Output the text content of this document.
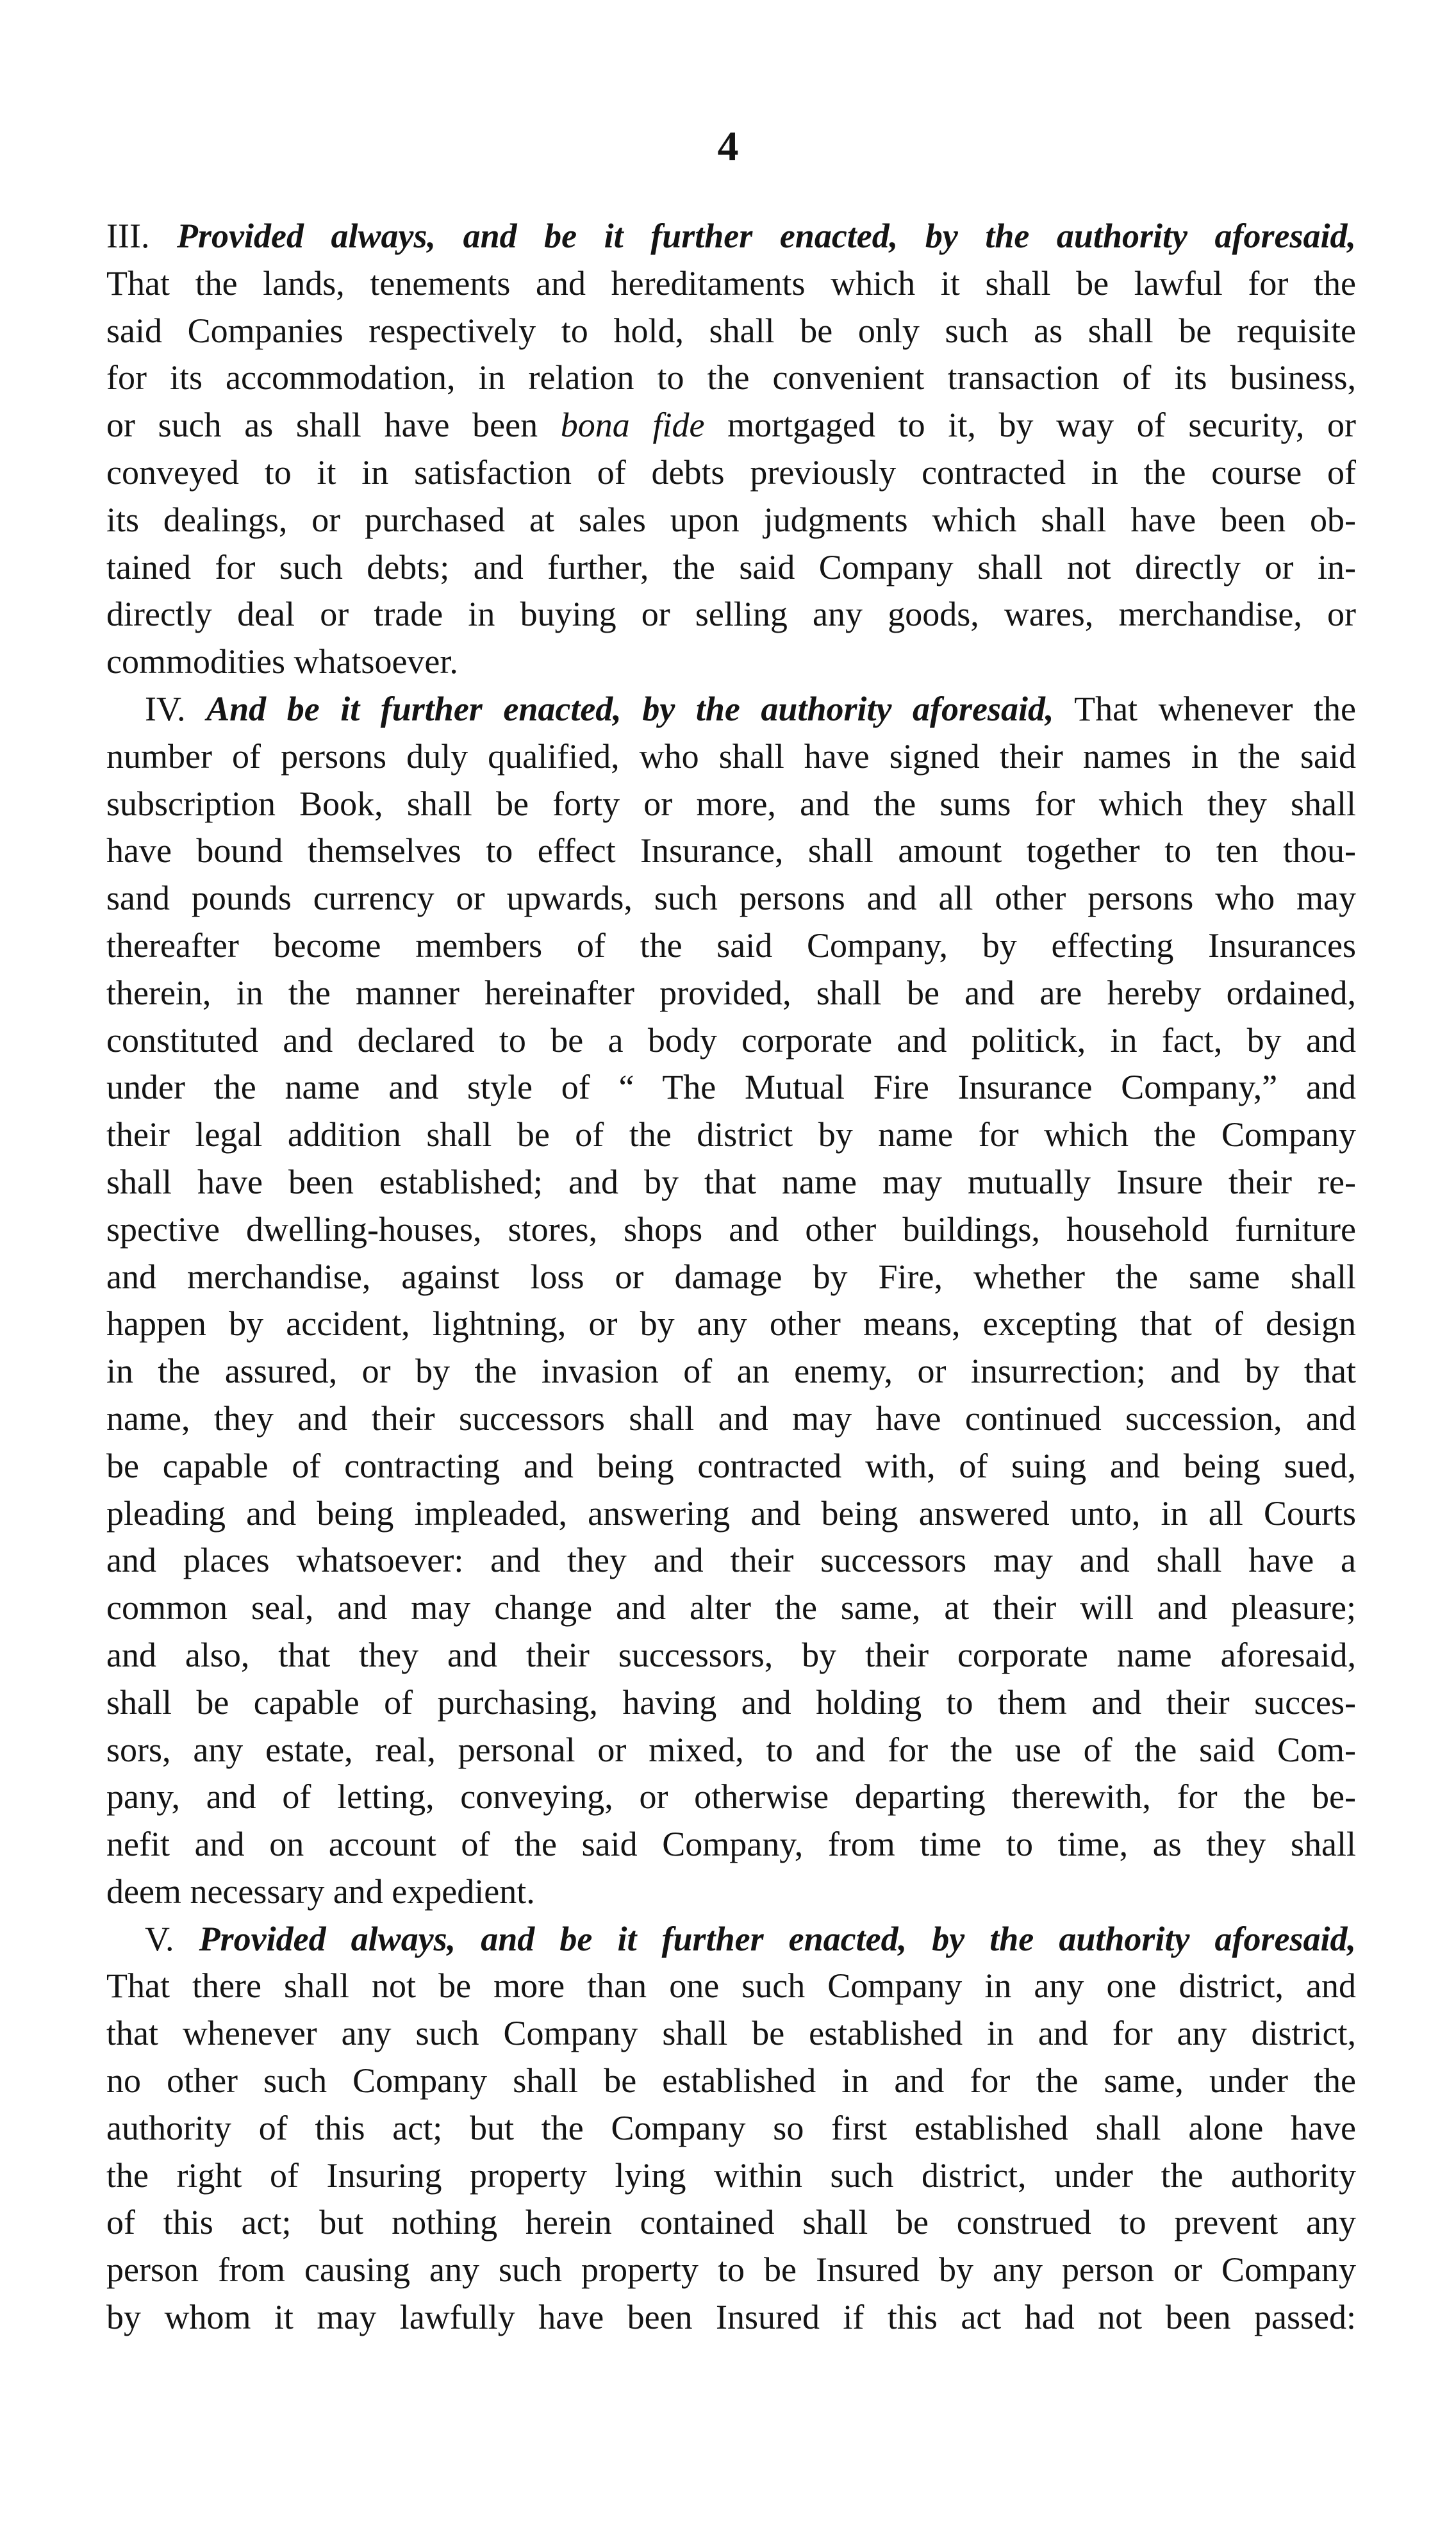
4
III. Provided always, and be it further enacted, by the authority aforesaid,
That the lands, tenements and hereditaments which it shall be lawful for the
said Companies respectively to hold, shall be only such as shall be requisite
for its accommodation, in relation to the convenient transaction of its business,
or such as shall have been bona fide mortgaged to it, by way of security, or
conveyed to it in satisfaction of debts previously contracted in the course of
its dealings, or purchased at sales upon judgments which shall have been ob-
tained for such debts; and further, the said Company shall not directly or in-
directly deal or trade in buying or selling any goods, wares, merchandise, or
commodities whatsoever.
IV. And be it further enacted, by the authority aforesaid, That whenever the
number of persons duly qualified, who shall have signed their names in the said
subscription Book, shall be forty or more, and the sums for which they shall
have bound themselves to effect Insurance, shall amount together to ten thou-
sand pounds currency or upwards, such persons and all other persons who may
thereafter become members of the said Company, by effecting Insurances
therein, in the manner hereinafter provided, shall be and are hereby ordained,
constituted and declared to be a body corporate and politick, in fact, by and
under the name and style of “ The Mutual Fire Insurance Company,” and
their legal addition shall be of the district by name for which the Company
shall have been established; and by that name may mutually Insure their re-
spective dwelling-houses, stores, shops and other buildings, household furniture
and merchandise, against loss or damage by Fire, whether the same shall
happen by accident, lightning, or by any other means, excepting that of design
in the assured, or by the invasion of an enemy, or insurrection; and by that
name, they and their successors shall and may have continued succession, and
be capable of contracting and being contracted with, of suing and being sued,
pleading and being impleaded, answering and being answered unto, in all Courts
and places whatsoever: and they and their successors may and shall have a
common seal, and may change and alter the same, at their will and pleasure;
and also, that they and their successors, by their corporate name aforesaid,
shall be capable of purchasing, having and holding to them and their succes-
sors, any estate, real, personal or mixed, to and for the use of the said Com-
pany, and of letting, conveying, or otherwise departing therewith, for the be-
nefit and on account of the said Company, from time to time, as they shall
deem necessary and expedient.
V. Provided always, and be it further enacted, by the authority aforesaid,
That there shall not be more than one such Company in any one district, and
that whenever any such Company shall be established in and for any district,
no other such Company shall be established in and for the same, under the
authority of this act; but the Company so first established shall alone have
the right of Insuring property lying within such district, under the authority
of this act; but nothing herein contained shall be construed to prevent any
person from causing any such property to be Insured by any person or Company
by whom it may lawfully have been Insured if this act had not been passed:
